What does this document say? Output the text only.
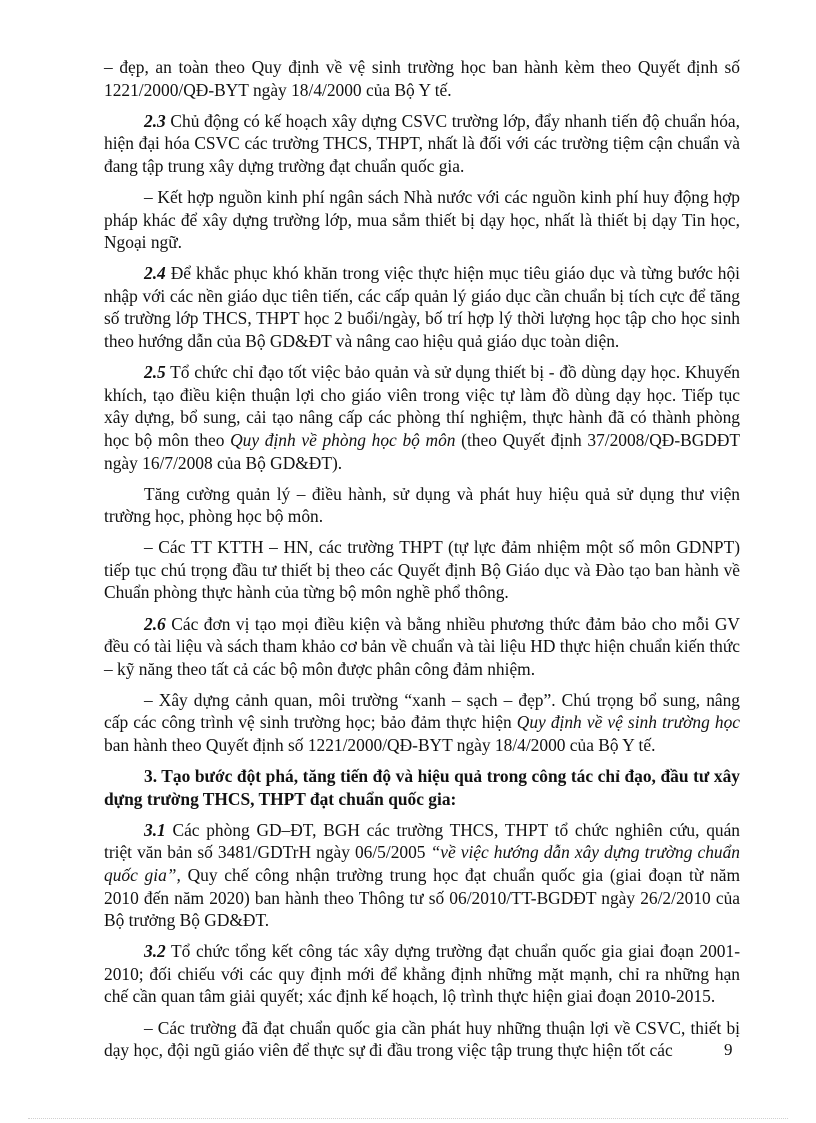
– đẹp, an toàn theo Quy định về vệ sinh trường học ban hành kèm theo Quyết định số 1221/2000/QĐ-BYT ngày 18/4/2000 của Bộ Y tế.

2.3 Chủ động có kế hoạch xây dựng CSVC trường lớp, đẩy nhanh tiến độ chuẩn hóa, hiện đại hóa CSVC các trường THCS, THPT, nhất là đối với các trường tiệm cận chuẩn và đang tập trung xây dựng trường đạt chuẩn quốc gia.

– Kết hợp nguồn kinh phí ngân sách Nhà nước với các nguồn kinh phí huy động hợp pháp khác để xây dựng trường lớp, mua sắm thiết bị dạy học, nhất là thiết bị dạy Tin học, Ngoại ngữ.

2.4 Để khắc phục khó khăn trong việc thực hiện mục tiêu giáo dục và từng bước hội nhập với các nền giáo dục tiên tiến, các cấp quản lý giáo dục cần chuẩn bị tích cực để tăng số trường lớp THCS, THPT học 2 buổi/ngày, bố trí hợp lý thời lượng học tập cho học sinh theo hướng dẫn của Bộ GD&ĐT và nâng cao hiệu quả giáo dục toàn diện.

2.5 Tổ chức chỉ đạo tốt việc bảo quản và sử dụng thiết bị - đồ dùng dạy học. Khuyến khích, tạo điều kiện thuận lợi cho giáo viên trong việc tự làm đồ dùng dạy học. Tiếp tục xây dựng, bổ sung, cải tạo nâng cấp các phòng thí nghiệm, thực hành đã có thành phòng học bộ môn theo Quy định về phòng học bộ môn (theo Quyết định 37/2008/QĐ-BGDĐT ngày 16/7/2008 của Bộ GD&ĐT).

Tăng cường quản lý – điều hành, sử dụng và phát huy hiệu quả sử dụng thư viện trường học, phòng học bộ môn.

– Các TT KTTH – HN, các trường THPT (tự lực đảm nhiệm một số môn GDNPT) tiếp tục chú trọng đầu tư thiết bị theo các Quyết định Bộ Giáo dục và Đào tạo ban hành về Chuẩn phòng thực hành của từng bộ môn nghề phổ thông.

2.6 Các đơn vị tạo mọi điều kiện và bằng nhiều phương thức đảm bảo cho mỗi GV đều có tài liệu và sách tham khảo cơ bản về chuẩn và tài liệu HD thực hiện chuẩn kiến thức – kỹ năng theo tất cả các bộ môn được phân công đảm nhiệm.

– Xây dựng cảnh quan, môi trường “xanh – sạch – đẹp”. Chú trọng bổ sung, nâng cấp các công trình vệ sinh trường học; bảo đảm thực hiện Quy định về vệ sinh trường học ban hành theo Quyết định số 1221/2000/QĐ-BYT ngày 18/4/2000 của Bộ Y tế.

3. Tạo bước đột phá, tăng tiến độ và hiệu quả trong công tác chỉ đạo, đầu tư xây dựng trường THCS, THPT đạt chuẩn quốc gia:

3.1 Các phòng GD–ĐT, BGH các trường THCS, THPT tổ chức nghiên cứu, quán triệt văn bản số 3481/GDTrH ngày 06/5/2005 “về việc hướng dẫn xây dựng trường chuẩn quốc gia”, Quy chế công nhận trường trung học đạt chuẩn quốc gia (giai đoạn từ năm 2010 đến năm 2020) ban hành theo Thông tư số 06/2010/TT-BGDĐT ngày 26/2/2010 của Bộ trưởng Bộ GD&ĐT.

3.2 Tổ chức tổng kết công tác xây dựng trường đạt chuẩn quốc gia giai đoạn 2001-2010; đối chiếu với các quy định mới để khẳng định những mặt mạnh, chỉ ra những hạn chế cần quan tâm giải quyết; xác định kế hoạch, lộ trình thực hiện giai đoạn 2010-2015.

– Các trường đã đạt chuẩn quốc gia cần phát huy những thuận lợi về CSVC, thiết bị dạy học, đội ngũ giáo viên để thực sự đi đầu trong việc tập trung thực hiện tốt các	9
